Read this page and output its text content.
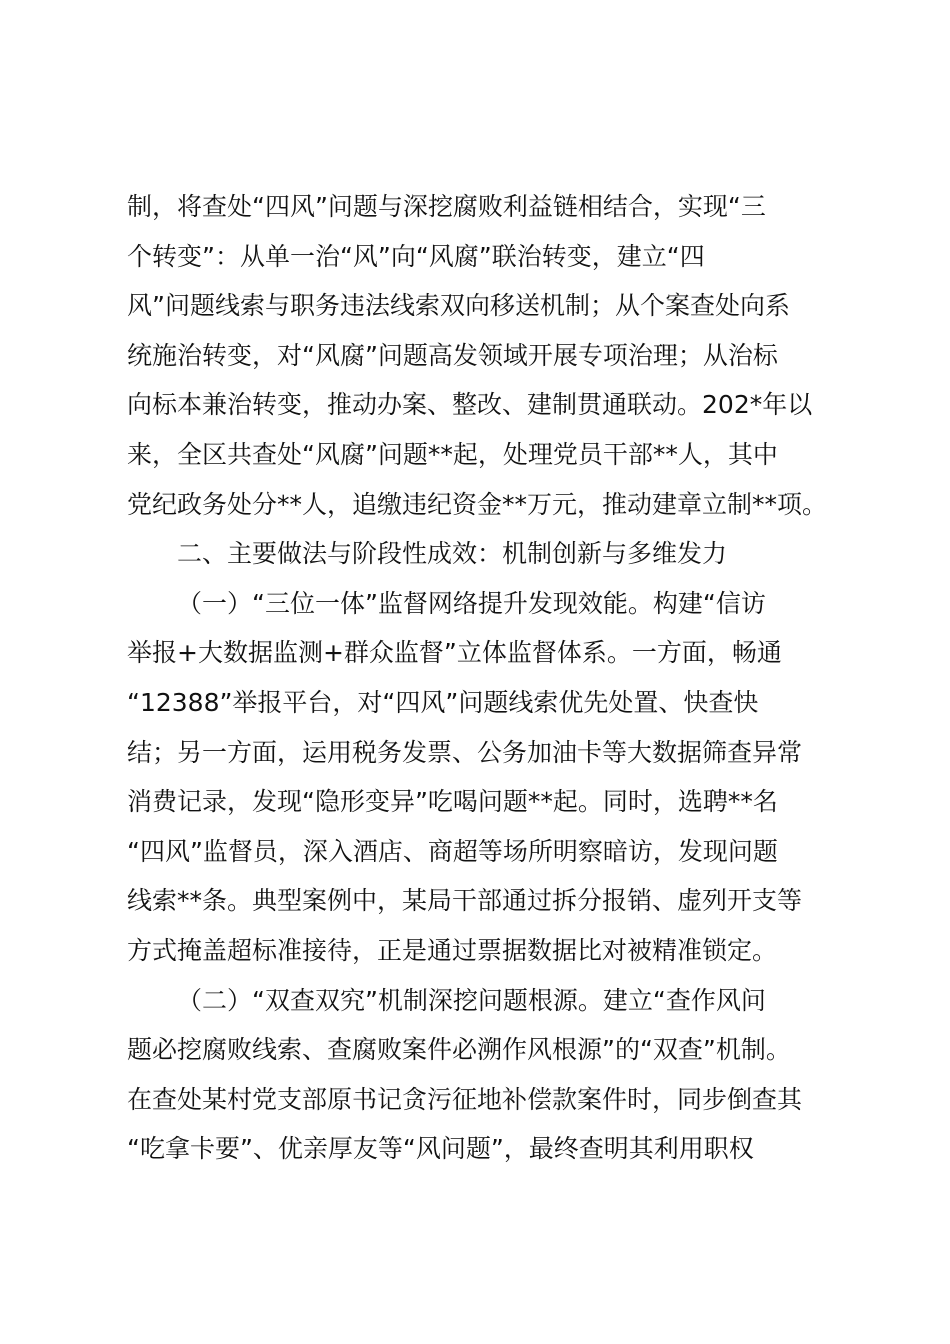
制，将查处“四风”问题与深挖腐败利益链相结合，实现“三
个转变”：从单一治“风”向“风腐”联治转变，建立“四
风”问题线索与职务违法线索双向移送机制；从个案查处向系
统施治转变，对“风腐”问题高发领域开展专项治理；从治标
向标本兼治转变，推动办案、整改、建制贯通联动。202*年以
来，全区共查处“风腐”问题**起，处理党员干部**人，其中
党纪政务处分**人，追缴违纪资金**万元，推动建章立制**项。
二、主要做法与阶段性成效：机制创新与多维发力
（一）“三位一体”监督网络提升发现效能。构建“信访
举报+大数据监测+群众监督”立体监督体系。一方面，畅通
“12388”举报平台，对“四风”问题线索优先处置、快查快
结；另一方面，运用税务发票、公务加油卡等大数据筛查异常
消费记录，发现“隐形变异”吃喝问题**起。同时，选聘**名
“四风”监督员，深入酒店、商超等场所明察暗访，发现问题
线索**条。典型案例中，某局干部通过拆分报销、虚列开支等
方式掩盖超标准接待，正是通过票据数据比对被精准锁定。
（二）“双查双究”机制深挖问题根源。建立“查作风问
题必挖腐败线索、查腐败案件必溯作风根源”的“双查”机制。
在查处某村党支部原书记贪污征地补偿款案件时，同步倒查其
“吃拿卡要”、优亲厚友等“风问题”，最终查明其利用职权
